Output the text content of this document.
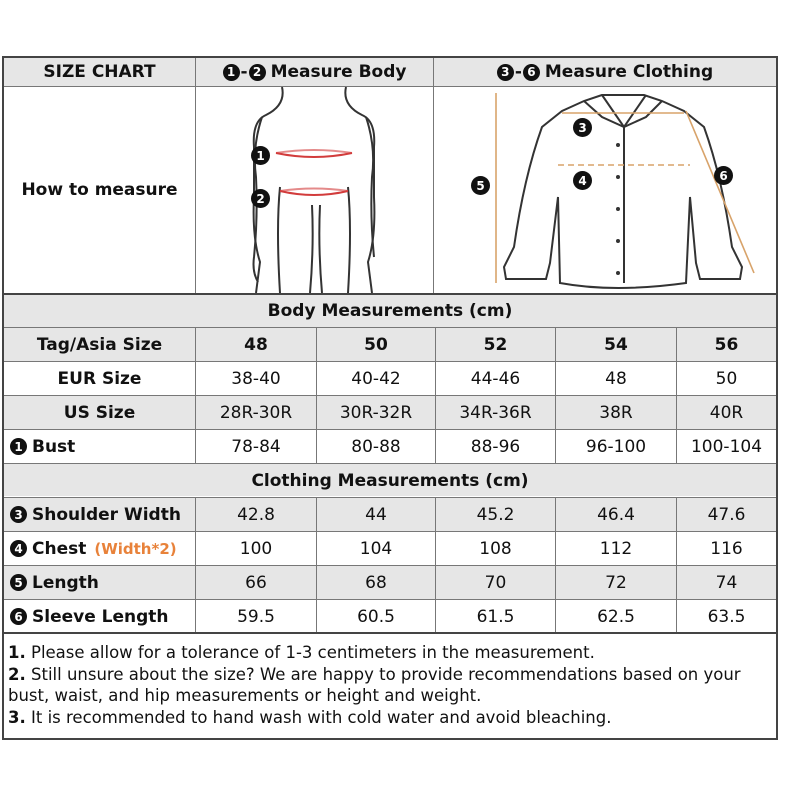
SIZE CHART	1 - 2 Measure Body	3 - 6 Measure Clothing
How to measure
1
2
3
4
5
6
Body Measurements (cm)
Tag/Asia Size	48	50	52	54	56
EUR Size	38-40	40-42	44-46	48	50
US Size	28R-30R	30R-32R	34R-36R	38R	40R
1 Bust	78-84	80-88	88-96	96-100	100-104
Clothing Measurements (cm)
3 Shoulder Width	42.8	44	45.2	46.4	47.6
4 Chest (Width*2)	100	104	108	112	116
5 Length	66	68	70	72	74
6 Sleeve Length	59.5	60.5	61.5	62.5	63.5
1. Please allow for a tolerance of 1-3 centimeters in the measurement.
2. Still unsure about the size? We are happy to provide recommendations based on your bust, waist, and hip measurements or height and weight.
3. It is recommended to hand wash with cold water and avoid bleaching.
